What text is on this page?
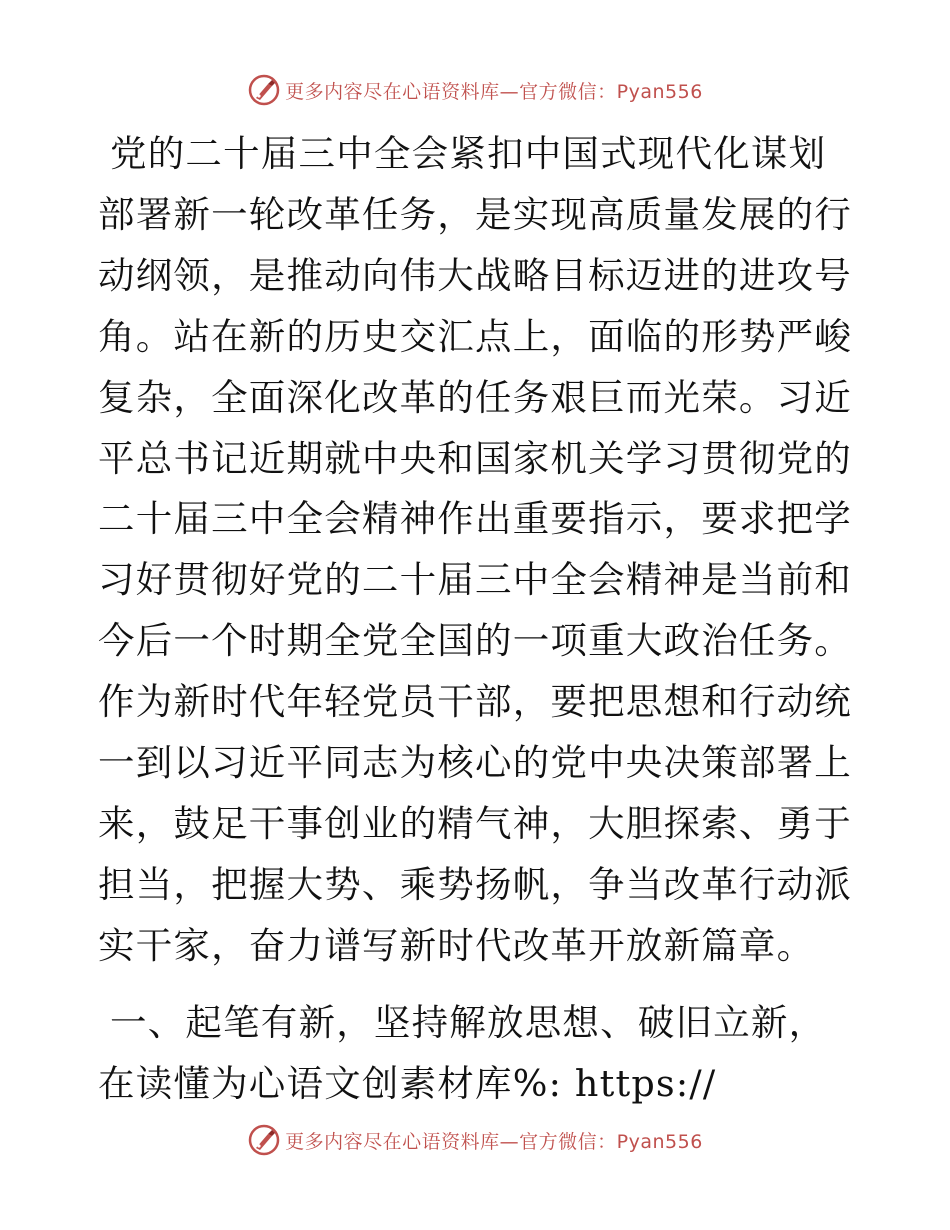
更多内容尽在心语资料库—官方微信：Pyan556

党的二十届三中全会紧扣中国式现代化谋划部署新一轮改革任务，是实现高质量发展的行动纲领，是推动向伟大战略目标迈进的进攻号角。站在新的历史交汇点上，面临的形势严峻复杂，全面深化改革的任务艰巨而光荣。习近平总书记近期就中央和国家机关学习贯彻党的二十届三中全会精神作出重要指示，要求把学习好贯彻好党的二十届三中全会精神是当前和今后一个时期全党全国的一项重大政治任务。作为新时代年轻党员干部，要把思想和行动统一到以习近平同志为核心的党中央决策部署上来，鼓足干事创业的精气神，大胆探索、勇于担当，把握大势、乘势扬帆，争当改革行动派实干家，奋力谱写新时代改革开放新篇章。

一、起笔有新，坚持解放思想、破旧立新，在读懂为心语文创素材库%: https://

更多内容尽在心语资料库—官方微信：Pyan556
